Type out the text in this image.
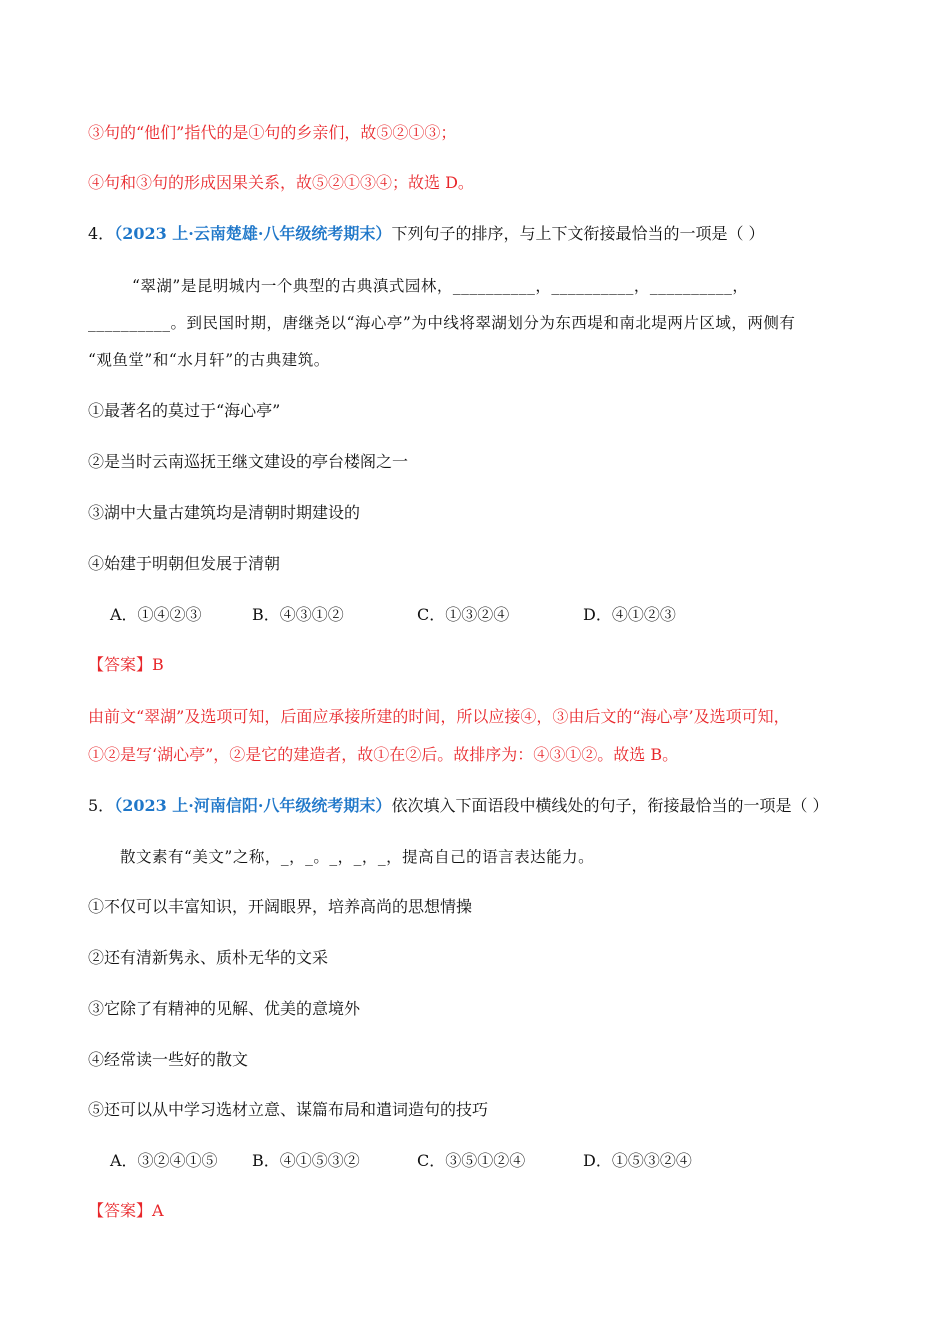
③句的“他们”指代的是①句的乡亲们，故⑤②①③；
④句和③句的形成因果关系，故⑤②①③④；故选 D。
4．（2023 上·云南楚雄·八年级统考期末）下列句子的排序，与上下文衔接最恰当的一项是（ ）
“翠湖”是昆明城内一个典型的古典滇式园林，__________，__________，__________，
__________。到民国时期，唐继尧以“海心亭”为中线将翠湖划分为东西堤和南北堤两片区域，两侧有
“观鱼堂”和“水月轩”的古典建筑。
①最著名的莫过于“海心亭”
②是当时云南巡抚王继文建设的亭台楼阁之一
③湖中大量古建筑均是清朝时期建设的
④始建于明朝但发展于清朝
A．①④②③	B．④③①②	C．①③②④	D．④①②③
【答案】B
由前文“翠湖”及选项可知，后面应承接所建的时间，所以应接④，③由后文的“海心亭’及选项可知，
①②是写‘湖心亭”，②是它的建造者，故①在②后。故排序为：④③①②。故选 B。
5．（2023 上·河南信阳·八年级统考期末）依次填入下面语段中横线处的句子，衔接最恰当的一项是（ ）
散文素有“美文”之称，_，_。_，_，_，提高自己的语言表达能力。
①不仅可以丰富知识，开阔眼界，培养高尚的思想情操
②还有清新隽永、质朴无华的文采
③它除了有精神的见解、优美的意境外
④经常读一些好的散文
⑤还可以从中学习选材立意、谋篇布局和遣词造句的技巧
A．③②④①⑤ B．④①⑤③②	C．③⑤①②④	D．①⑤③②④
【答案】A
